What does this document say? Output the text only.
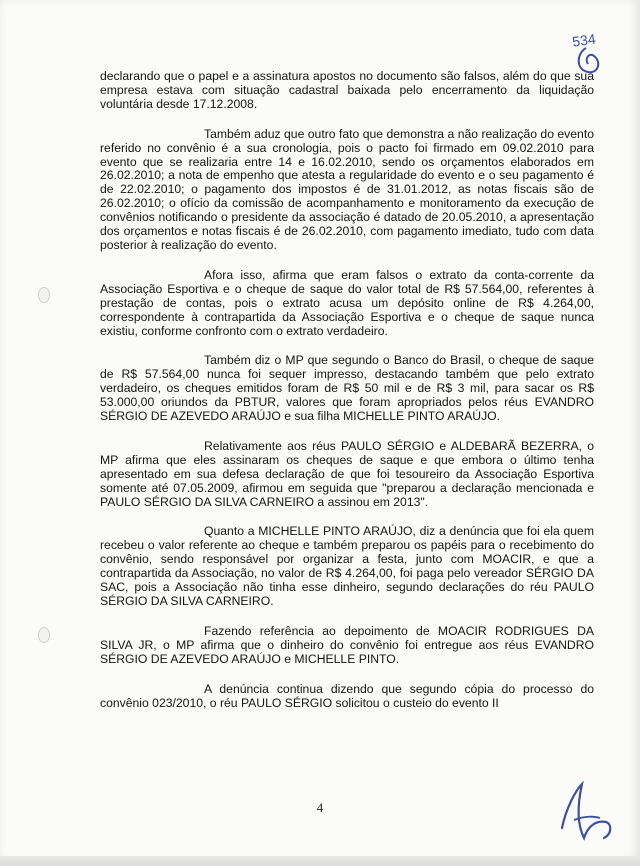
534

declarando que o papel e a assinatura apostos no documento são falsos, além do que sua empresa estava com situação cadastral baixada pelo encerramento da liquidação voluntária desde 17.12.2008.

Também aduz que outro fato que demonstra a não realização do evento referido no convênio é a sua cronologia, pois o pacto foi firmado em 09.02.2010 para evento que se realizaria entre 14 e 16.02.2010, sendo os orçamentos elaborados em 26.02.2010; a nota de empenho que atesta a regularidade do evento e o seu pagamento é de 22.02.2010; o pagamento dos impostos é de 31.01.2012, as notas fiscais são de 26.02.2010; o ofício da comissão de acompanhamento e monitoramento da execução de convênios notificando o presidente da associação é datado de 20.05.2010, a apresentação dos orçamentos e notas fiscais é de 26.02.2010, com pagamento imediato, tudo com data posterior à realização do evento.

Afora isso, afirma que eram falsos o extrato da conta-corrente da Associação Esportiva e o cheque de saque do valor total de R$ 57.564,00, referentes à prestação de contas, pois o extrato acusa um depósito online de R$ 4.264,00, correspondente à contrapartida da Associação Esportiva e o cheque de saque nunca existiu, conforme confronto com o extrato verdadeiro.

Também diz o MP que segundo o Banco do Brasil, o cheque de saque de R$ 57.564,00 nunca foi sequer impresso, destacando também que pelo extrato verdadeiro, os cheques emitidos foram de R$ 50 mil e de R$ 3 mil, para sacar os R$ 53.000,00 oriundos da PBTUR, valores que foram apropriados pelos réus EVANDRO SÉRGIO DE AZEVEDO ARAÚJO e sua filha MICHELLE PINTO ARAÚJO.

Relativamente aos réus PAULO SÉRGIO e ALDEBARÃ BEZERRA, o MP afirma que eles assinaram os cheques de saque e que embora o último tenha apresentado em sua defesa declaração de que foi tesoureiro da Associação Esportiva somente até 07.05.2009, afirmou em seguida que "preparou a declaração mencionada e PAULO SÉRGIO DA SILVA CARNEIRO a assinou em 2013".

Quanto a MICHELLE PINTO ARAÚJO, diz a denúncia que foi ela quem recebeu o valor referente ao cheque e também preparou os papéis para o recebimento do convênio, sendo responsável por organizar a festa, junto com MOACIR, e que a contrapartida da Associação, no valor de R$ 4.264,00, foi paga pelo vereador SÉRGIO DA SAC, pois a Associação não tinha esse dinheiro, segundo declarações do réu PAULO SÉRGIO DA SILVA CARNEIRO.

Fazendo referência ao depoimento de MOACIR RODRIGUES DA SILVA JR, o MP afirma que o dinheiro do convênio foi entregue aos réus EVANDRO SÉRGIO DE AZEVEDO ARAÚJO e MICHELLE PINTO.

A denúncia continua dizendo que segundo cópia do processo do convênio 023/2010, o réu PAULO SÉRGIO solicitou o custeio do evento II

4
